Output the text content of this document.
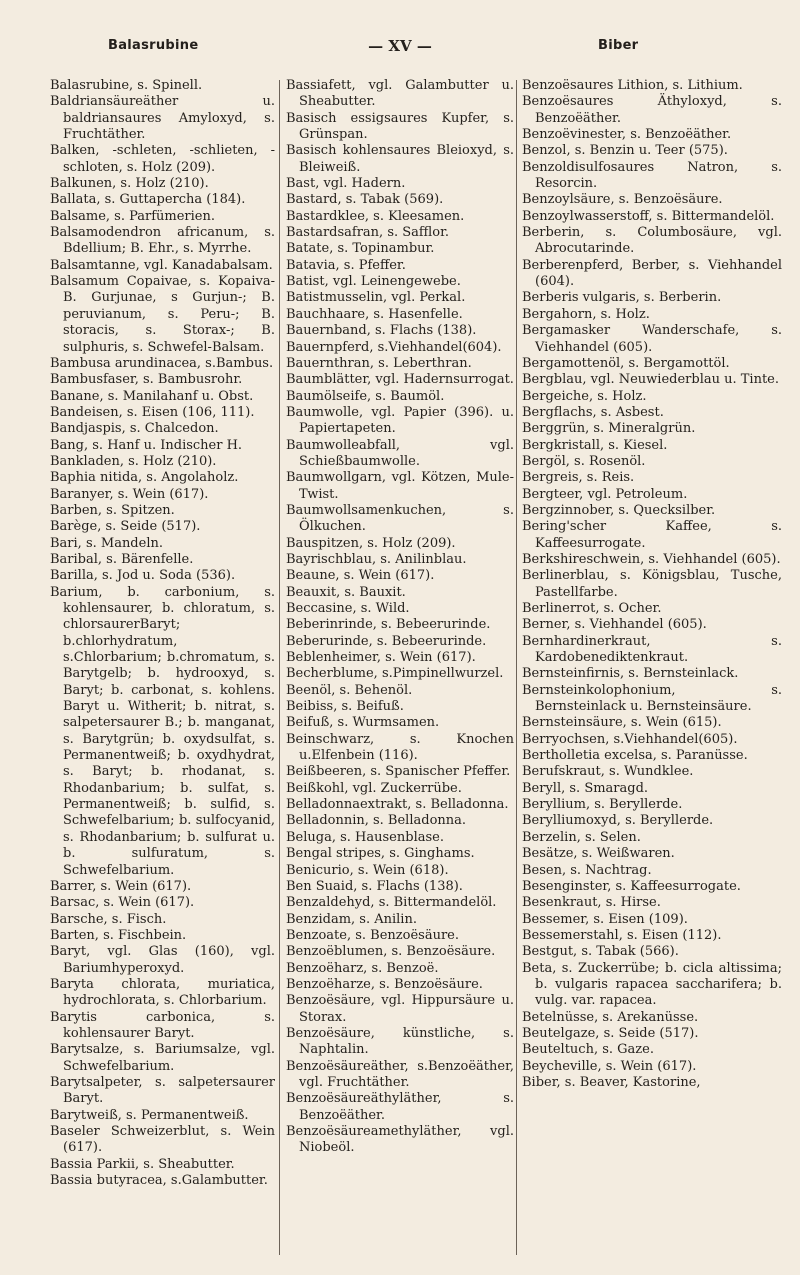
Balasrubine	— XV —	Biber

Balasrubine, s. Spinell.

Baldriansäureäther u. baldriansaures Amyloxyd, s. Fruchtäther.

Balken, -schleten, -schlieten, -schloten, s. Holz (209).

Balkunen, s. Holz (210).

Ballata, s. Guttapercha (184).

Balsame, s. Parfümerien.

Balsamodendron africanum, s. Bdellium; B. Ehr., s. Myrrhe.

Balsamtanne, vgl. Kanadabalsam.

Balsamum Copaivae, s. Kopaiva-B. Gurjunae, s Gurjun-; B. peruvianum, s. Peru-; B. storacis, s. Storax-; B. sulphuris, s. Schwefel-Balsam.

Bambusa arundinacea, s.Bambus.

Bambusfaser, s. Bambusrohr.

Banane, s. Manilahanf u. Obst.

Bandeisen, s. Eisen (106, 111).

Bandjaspis, s. Chalcedon.

Bang, s. Hanf u. Indischer H.

Bankladen, s. Holz (210).

Baphia nitida, s. Angolaholz.

Baranyer, s. Wein (617).

Barben, s. Spitzen.

Barège, s. Seide (517).

Bari, s. Mandeln.

Baribal, s. Bärenfelle.

Barilla, s. Jod u. Soda (536).

Barium, b. carbonium, s. kohlensaurer, b. chloratum, s. chlorsaurerBaryt; b.chlorhydratum, s.Chlorbarium; b.chromatum, s. Barytgelb; b. hydrooxyd, s. Baryt; b. carbonat, s. kohlens. Baryt u. Witherit; b. nitrat, s. salpetersaurer B.; b. manganat, s. Barytgrün; b. oxydsulfat, s. Permanentweiß; b. oxydhydrat, s. Baryt; b. rhodanat, s. Rhodanbarium; b. sulfat, s. Permanentweiß; b. sulfid, s. Schwefelbarium; b. sulfocyanid, s. Rhodanbarium; b. sulfurat u. b. sulfuratum, s. Schwefelbarium.

Barrer, s. Wein (617).

Barsac, s. Wein (617).

Barsche, s. Fisch.

Barten, s. Fischbein.

Baryt, vgl. Glas (160), vgl. Bariumhyperoxyd.

Baryta chlorata, muriatica, hydrochlorata, s. Chlorbarium.

Barytis carbonica, s. kohlensaurer Baryt.

Barytsalze, s. Bariumsalze, vgl. Schwefelbarium.

Barytsalpeter, s. salpetersaurer Baryt.

Barytweiß, s. Permanentweiß.

Baseler Schweizerblut, s. Wein (617).

Bassia Parkii, s. Sheabutter.

Bassia butyracea, s.Galambutter.

Bassiafett, vgl. Galambutter u. Sheabutter.

Basisch essigsaures Kupfer, s. Grünspan.

Basisch kohlensaures Bleioxyd, s. Bleiweiß.

Bast, vgl. Hadern.

Bastard, s. Tabak (569).

Bastardklee, s. Kleesamen.

Bastardsafran, s. Safflor.

Batate, s. Topinambur.

Batavia, s. Pfeffer.

Batist, vgl. Leinengewebe.

Batistmusselin, vgl. Perkal.

Bauchhaare, s. Hasenfelle.

Bauernband, s. Flachs (138).

Bauernpferd, s.Viehhandel(604).

Bauernthran, s. Leberthran.

Baumblätter, vgl. Hadernsurrogat.

Baumölseife, s. Baumöl.

Baumwolle, vgl. Papier (396). u. Papiertapeten.

Baumwolleabfall, vgl. Schießbaumwolle.

Baumwollgarn, vgl. Kötzen, Mule-Twist.

Baumwollsamenkuchen, s. Ölkuchen.

Bauspitzen, s. Holz (209).

Bayrischblau, s. Anilinblau.

Beaune, s. Wein (617).

Beauxit, s. Bauxit.

Beccasine, s. Wild.

Beberinrinde, s. Bebeerurinde.

Beberurinde, s. Bebeerurinde.

Beblenheimer, s. Wein (617).

Becherblume, s.Pimpinellwurzel.

Beenöl, s. Behenöl.

Beibiss, s. Beifuß.

Beifuß, s. Wurmsamen.

Beinschwarz, s. Knochen u.Elfenbein (116).

Beißbeeren, s. Spanischer Pfeffer.

Beißkohl, vgl. Zuckerrübe.

Belladonnaextrakt, s. Belladonna.

Belladonnin, s. Belladonna.

Beluga, s. Hausenblase.

Bengal stripes, s. Ginghams.

Benicurio, s. Wein (618).

Ben Suaid, s. Flachs (138).

Benzaldehyd, s. Bittermandelöl.

Benzidam, s. Anilin.

Benzoate, s. Benzoësäure.

Benzoëblumen, s. Benzoësäure.

Benzoëharz, s. Benzoë.

Benzoëharze, s. Benzoësäure.

Benzoësäure, vgl. Hippursäure u. Storax.

Benzoësäure, künstliche, s. Naphtalin.

Benzoësäureäther, s.Benzoëäther, vgl. Fruchtäther.

Benzoësäureäthyläther, s. Benzoëäther.

Benzoësäureamethyläther, vgl. Niobeöl.

Benzoësaures Lithion, s. Lithium.

Benzoësaures Äthyloxyd, s. Benzoëäther.

Benzoëvinester, s. Benzoëäther.

Benzol, s. Benzin u. Teer (575).

Benzoldisulfosaures Natron, s. Resorcin.

Benzoylsäure, s. Benzoësäure.

Benzoylwasserstoff, s. Bittermandelöl.

Berberin, s. Columbosäure, vgl. Abrocutarinde.

Berberenpferd, Berber, s. Viehhandel (604).

Berberis vulgaris, s. Berberin.

Bergahorn, s. Holz.

Bergamasker Wanderschafe, s. Viehhandel (605).

Bergamottenöl, s. Bergamottöl.

Bergblau, vgl. Neuwiederblau u. Tinte.

Bergeiche, s. Holz.

Bergflachs, s. Asbest.

Berggrün, s. Mineralgrün.

Bergkristall, s. Kiesel.

Bergöl, s. Rosenöl.

Bergreis, s. Reis.

Bergteer, vgl. Petroleum.

Bergzinnober, s. Quecksilber.

Bering'scher Kaffee, s. Kaffeesurrogate.

Berkshireschwein, s. Viehhandel (605).

Berlinerblau, s. Königsblau, Tusche, Pastellfarbe.

Berlinerrot, s. Ocher.

Berner, s. Viehhandel (605).

Bernhardinerkraut, s. Kardobenediktenkraut.

Bernsteinfirnis, s. Bernsteinlack.

Bernsteinkolophonium, s. Bernsteinlack u. Bernsteinsäure.

Bernsteinsäure, s. Wein (615).

Berryochsen, s.Viehhandel(605).

Bertholletia excelsa, s. Paranüsse.

Berufskraut, s. Wundklee.

Beryll, s. Smaragd.

Beryllium, s. Beryllerde.

Berylliumoxyd, s. Beryllerde.

Berzelin, s. Selen.

Besätze, s. Weißwaren.

Besen, s. Nachtrag.

Besenginster, s. Kaffeesurrogate.

Besenkraut, s. Hirse.

Bessemer, s. Eisen (109).

Bessemerstahl, s. Eisen (112).

Bestgut, s. Tabak (566).

Beta, s. Zuckerrübe; b. cicla altissima; b. vulgaris rapacea saccharifera; b. vulg. var. rapacea.

Betelnüsse, s. Arekanüsse.

Beutelgaze, s. Seide (517).

Beuteltuch, s. Gaze.

Beycheville, s. Wein (617).

Biber, s. Beaver, Kastorine,
